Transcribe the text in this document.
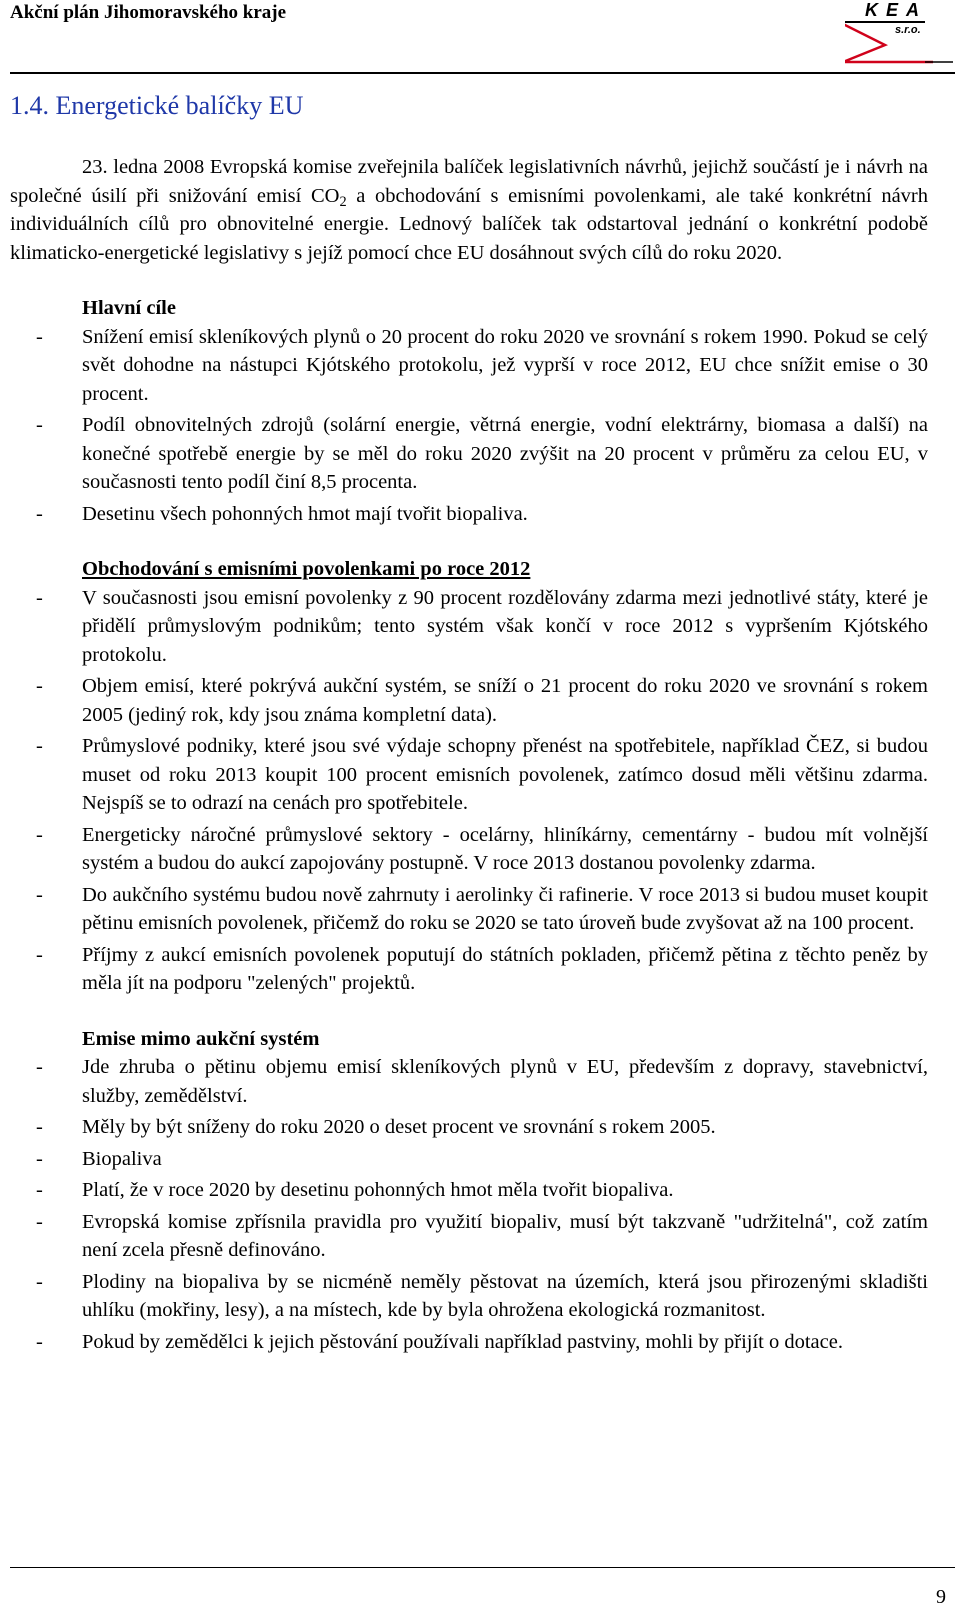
Akční plán Jihomoravského kraje	KEA
s.r.o.
1.4. Energetické balíčky EU

23. ledna 2008 Evropská komise zveřejnila balíček legislativních návrhů, jejichž součástí je i návrh na společné úsilí při snižování emisí CO2 a obchodování s emisními povolenkami, ale také konkrétní návrh individuálních cílů pro obnovitelné energie. Lednový balíček tak odstartoval jednání o konkrétní podobě klimaticko-energetické legislativy s jejíž pomocí chce EU dosáhnout svých cílů do roku 2020.

Hlavní cíle

- Snížení emisí skleníkových plynů o 20 procent do roku 2020 ve srovnání s rokem 1990. Pokud se celý svět dohodne na nástupci Kjótského protokolu, jež vyprší v roce 2012, EU chce snížit emise o 30 procent.
- Podíl obnovitelných zdrojů (solární energie, větrná energie, vodní elektrárny, biomasa a další) na konečné spotřebě energie by se měl do roku 2020 zvýšit na 20 procent v průměru za celou EU, v současnosti tento podíl činí 8,5 procenta.
- Desetinu všech pohonných hmot mají tvořit biopaliva.

Obchodování s emisními povolenkami po roce 2012

- V současnosti jsou emisní povolenky z 90 procent rozdělovány zdarma mezi jednotlivé státy, které je přidělí průmyslovým podnikům; tento systém však končí v roce 2012 s vypršením Kjótského protokolu.
- Objem emisí, které pokrývá aukční systém, se sníží o 21 procent do roku 2020 ve srovnání s rokem 2005 (jediný rok, kdy jsou známa kompletní data).
- Průmyslové podniky, které jsou své výdaje schopny přenést na spotřebitele, například ČEZ, si budou muset od roku 2013 koupit 100 procent emisních povolenek, zatímco dosud měli většinu zdarma. Nejspíš se to odrazí na cenách pro spotřebitele.
- Energeticky náročné průmyslové sektory - ocelárny, hliníkárny, cementárny - budou mít volnější systém a budou do aukcí zapojovány postupně. V roce 2013 dostanou povolenky zdarma.
- Do aukčního systému budou nově zahrnuty i aerolinky či rafinerie. V roce 2013 si budou muset koupit pětinu emisních povolenek, přičemž do roku se 2020 se tato úroveň bude zvyšovat až na 100 procent.
- Příjmy z aukcí emisních povolenek poputují do státních pokladen, přičemž pětina z těchto peněz by měla jít na podporu "zelených" projektů.

Emise mimo aukční systém

- Jde zhruba o pětinu objemu emisí skleníkových plynů v EU, především z dopravy, stavebnictví, služby, zemědělství.
- Měly by být sníženy do roku 2020 o deset procent ve srovnání s rokem 2005.
- Biopaliva
- Platí, že v roce 2020 by desetinu pohonných hmot měla tvořit biopaliva.
- Evropská komise zpřísnila pravidla pro využití biopaliv, musí být takzvaně "udržitelná", což zatím není zcela přesně definováno.
- Plodiny na biopaliva by se nicméně neměly pěstovat na územích, která jsou přirozenými skladišti uhlíku (mokřiny, lesy), a na místech, kde by byla ohrožena ekologická rozmanitost.
- Pokud by zemědělci k jejich pěstování používali například pastviny, mohli by přijít o dotace.
9
